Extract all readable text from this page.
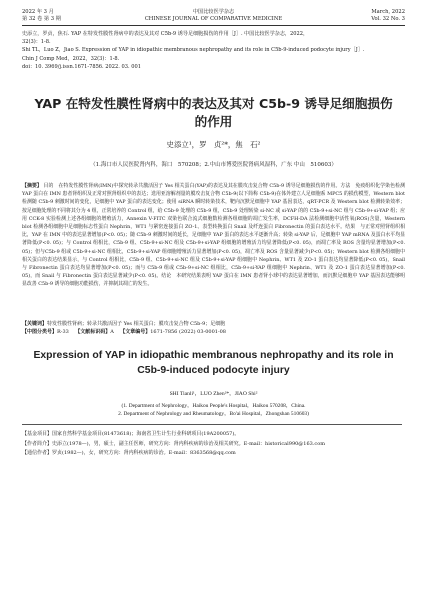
2022 年 3 月
第 32 卷 第 3 期
中国比较医学杂志
CHINESE JOURNAL OF COMPARATIVE MEDICINE
March, 2022
Vol. 32 No. 3
史添立，罗贞，焦石. YAP 在特发性膜性肾病中的表达及其对 C5b-9 诱导足细胞损伤的作用［J］. 中国比较医学杂志，2022，
32(3)：1-8.
Shi TL，Luo Z，Jiao S. Expression of YAP in idiopathic membranous nephropathy and its role in C5b-9-induced podocyte injury［J］.
Chin J Comp Med，2022，32(3)：1-8.
doi：10. 3969/j.issn.1671-7856. 2022. 03. 001
YAP 在特发性膜性肾病中的表达及其对 C5b-9 诱导足细胞损伤的作用
史添立¹，罗　贞²*，焦　石²
（1.海口市人民医院肾内科，海口　570208；2.中山市博爱医院肾病风湿科，广东 中山　510603）
【摘要】 目的　在特发性膜性肾病(IMN)中探究转录共激活因子 Yes 相关蛋白(YAP)的表达及其在膜攻击复合物 C5b-9 诱导足细胞损伤的作用。方法　免疫组织化学染色检测 YAP 蛋白在 IMN 患者肾组织及正常对照肾组织中的表达；选用亚溶解剂量的膜攻击复合物 C5b-9(以下简称 C5b-9)在体外建立人足细胞系 MPC5 的损伤模型，Western blot 检测随 C5b-9 刺激时间的变化，足细胞中 YAP 蛋白的表达变化；使用 siRNA 瞬时转染技术，靶向沉默足细胞中 YAP 基因表达，qRT-PCR 及 Western blot 检测转染效率；按足细胞处理的不同将其分为 4 组，正常培养的 Control 组，给 C5b-9 处理的 C5b-9 组，C5b-9 处理转染 si-NC 或 si-YAP 的的 C5b-9+si-NC 组与 C5b-9+si-YAP 组；应用 CCK-8 实验检测上述各组细胞的增殖活力，Annexin V-FITC 双染色联合流式细胞数检测各组细胞的凋亡发生率，DCFH-DA 法检测细胞中活性氧(ROS)含量，Western blot 检测各组细胞中足细胞标志性蛋白 Nephrin，WT1 与紧密连接蛋白 ZO-1、表型转换蛋白 Snail 及纤连蛋白 Fibronectin 的蛋白表达水平。结果　与正常对照肾组织相比，YAP 在 IMN 中的表达显著增加(P<0. 05)；随 C5b-9 刺激时间的延长，足细胞中 YAP 蛋白的表达水平逐渐升高；转染 si-YAP 后，足细胞中 YAP mRNA 及蛋白水平均显著降低(P<0. 05)；与 Control 组相比，C5b-9 组、C5b-9+si-NC 组及 C5b-9+si-YAP 组细胞的增殖活力均显著降低(P<0. 05)，而凋亡率及 ROS 含量均显著增加(P<0. 05)；但与C5b-9 组或 C5b-9+si-NC 组相比，C5b-9+si-YAP 组细胞增殖活力显著增加(P<0. 05)，凋亡率及 ROS 含量显著减少(P<0. 05)；Western blot 检测各组细胞中相关蛋白的表达结果显示，与 Control 组相比，C5b-9 组、C5b-9+si-NC 组及 C5b-9+si-YAP 组细胞中 Nephrin、WT1 及 ZO-1 蛋白表达均显著降低(P<0. 05)，Snail 与 Fibronectin 蛋白表达均显著增加(P<0. 05)；而与 C5b-9 组或 C5b-9+si-NC 组相比，C5b-9+si-YAP 组细胞中 Nephrin、WT1 及 ZO-1 蛋白表达显著增加(P<0. 05)，而 Snail 与 Fibronectin 蛋白表达显著减少(P<0. 05)。结论　本研究结果表明 YAP 蛋白在 IMN 患者肾小球中的表达显著增加，而沉默足细胞中 YAP 基因表达能够明显改善 C5b-9 诱导的细胞功能损伤，并抑制其凋亡的发生。
【关键词】特发性膜性肾病；转录共激活因子 Yes 相关蛋白；膜攻击复合物 C5b-9；足细胞
【中图分类号】R-33 【文献标识码】A 【文章编号】1671-7856 (2022) 03-0001-08
Expression of YAP in idiopathic membranous nephropathy and its role in C5b-9-induced podocyte injury
SHI Tianli¹，LUO Zhen²*，JIAO Shi²
(1. Department of Nephrology，Haikou People's Hospital，Haikou 570208，China.
2. Department of Nephrology and Rheumatology，Bo'ai Hospital，Zhongshan 510603)
【基金项目】国家自然科学基金项目(81473618)；海南省卫生计生行业科研项目(19A200057)。
【作者简介】史添立(1978—)，男，硕士，副主任医师，研究方向：肾内科疾病的诊治及相关研究。E-mail：historical990@163.com
【通信作者】罗贞(1982—)，女，研究方向：肾内科疾病的诊治。E-mail：8363568@qq.com
